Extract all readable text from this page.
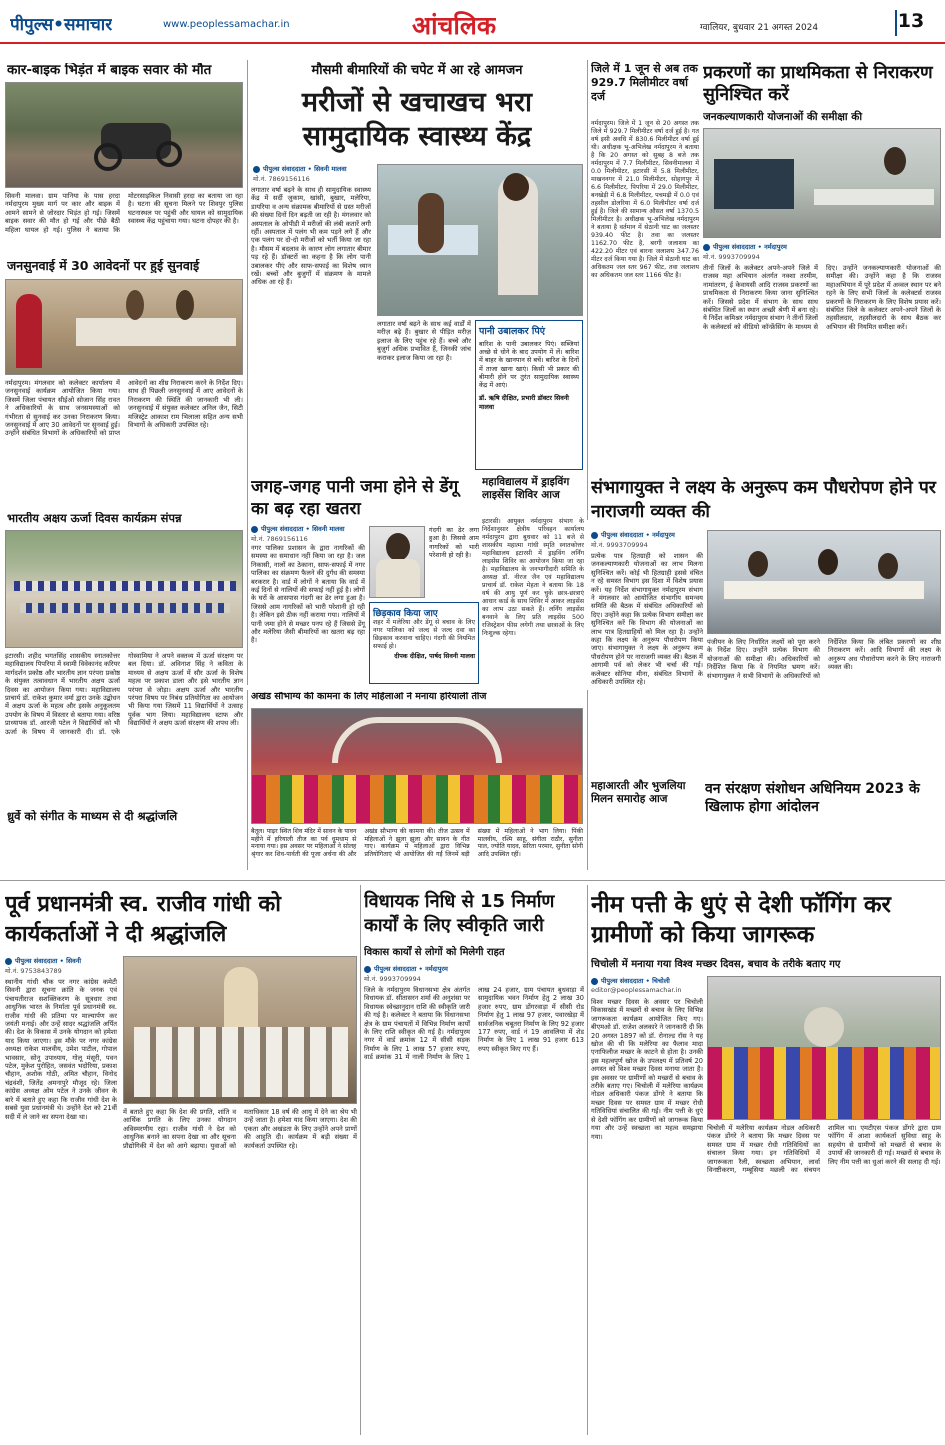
पीपुल्स•समाचार	www.peoplessamachar.in	आंचलिक	ग्वालियर, बुधवार 21 अगस्त 2024	13
कार-बाइक भिड़ंत में बाइक सवार की मौत
सिवनी मालवा। ग्राम पानिया के पास हरदा नर्मदापुरम मुख्य मार्ग पर कार और बाइक में आमने सामने से जोरदार भिड़ंत हो गई। जिसमें बाइक सवार की मौत हो गई और पीछे बैठी महिला घायल हो गई। पुलिस ने बताया कि मोटरसाइकिल निवासी हरदा का बताया जा रहा है। घटना की सूचना मिलने पर शिवपुर पुलिस घटनास्थल पर पहुंची और घायल को सामुदायिक स्वास्थ्य केंद्र पहुंचाया गया। घटना दोपहर की है।
जनसुनवाई में 30 आवेदनों पर हुई सुनवाई
नर्मदापुरम। मंगलवार को कलेक्टर कार्यालय में जनसुनवाई कार्यक्रम आयोजित किया गया। जिसमें जिला पंचायत सीईओ सोजान सिंह रावत ने अधिकारियों के साथ जनसमस्याओं को गंभीरता से सुनवाई कर उनका निराकरण किया। जनसुनवाई में आए 30 आवेदनों पर सुनवाई हुई। उन्होंने संबंधित विभागों के अधिकारियों को प्राप्त आवेदनों का शीघ्र निराकरण करने के निर्देश दिए। साथ ही पिछली जनसुनवाई में आए आवेदनों के निराकरण की स्थिति की जानकारी भी ली। जनसुनवाई में संयुक्त कलेक्टर अनिल जैन, सिटी मजिस्ट्रेट आकाश राम भिलाला सहित अन्य सभी विभागों के अधिकारी उपस्थित रहे।
भारतीय अक्षय ऊर्जा दिवस कार्यक्रम संपन्न
इटारसी। शहीद भगतसिंह शासकीय स्नातकोत्तर महाविद्यालय पिपरिया में स्वामी विवेकानंद करियर मार्गदर्शन प्रकोष्ठ और भारतीय ज्ञान परंपरा प्रकोष्ठ के संयुक्त तत्वावधान में भारतीय अक्षय ऊर्जा दिवस का आयोजन किया गया। महाविद्यालय प्राचार्य डॉ. राकेश कुमार वर्मा द्वारा उनके उद्बोधन में अक्षय ऊर्जा के महत्व और इसके अनुकूलतम उपयोग के विषय में विस्तार से बताया गया। वरिष्ठ प्राध्यापक डॉ. आरजी पटेल ने विद्यार्थियों को भी ऊर्जा के विषय में जानकारी दी। डॉ. एके गोस्वामिया ने अपने वक्तव्य में ऊर्जा संरक्षण पर बल दिया। डॉ. अविनाश सिंह ने कविता के माध्यम से अक्षय ऊर्जा में सौर ऊर्जा के विशेष महत्व पर प्रकाश डाला और इसे भारतीय ज्ञान परंपरा से जोड़ा। अक्षय ऊर्जा और भारतीय परंपरा विषय पर निबंध प्रतियोगिता का आयोजन भी किया गया जिसमें 11 विद्यार्थियों ने उत्साह पूर्वक भाग लिया। महाविद्यालय स्टाफ और विद्यार्थियों ने अक्षय ऊर्जा संरक्षण की शपथ ली।
ध्रुर्वे को संगीत के माध्यम से दी श्रद्धांजलि
मौसमी बीमारियों की चपेट में आ रहे आमजन
मरीजों से खचाखच भरा सामुदायिक स्वास्थ्य केंद्र
पीपुल्स संवाददाता • सिवनी मालवा
मो.नं. 7869156116
लगातार वर्षा बढ़ने के साथ ही सामुदायिक स्वास्थ्य केंद्र में सर्दी जुकाम, खांसी, बुखार, मलेरिया, डायरिया व अन्य संक्रामक बीमारियों से ग्रस्त मरीजों की संख्या दिनों दिन बढ़ती जा रही है। मंगलवार को अस्पताल के ओपीडी में मरीजों की लंबी कतारें लगी रहीं। अस्पताल में पलंग भी कम पड़ने लगे हैं और एक पलंग पर दो-दो मरीजों को भर्ती किया जा रहा है। मौसम में बदलाव के कारण लोग लगातार बीमार पड़ रहे हैं। डॉक्टरों का कहना है कि लोग पानी उबालकर पीएं और साफ-सफाई का विशेष ध्यान रखें। बच्चों और बुजुर्गों में संक्रमण के मामले अधिक आ रहे हैं।
लगातार वर्षा बढ़ने के साथ कई वार्डों में मरीज़ बढ़े हैं। बुखार से पीड़ित मरीज़ इलाज के लिए पहुंच रहे हैं। बच्चे और बुज़ुर्ग अधिक प्रभावित हैं, जिनकी जांच कराकर इलाज किया जा रहा है।
पानी उबालकर पिएं
बारिश के पानी उबालकर पिएं। सब्जियां अच्छे से धोने के बाद उपयोग में लें। बारिश में बाहर के खानपान से बचें। बारिश के दिनों में ताजा खाना खाएं। किसी भी प्रकार की बीमारी होने पर तुरंत सामुदायिक स्वास्थ्य केंद्र में आएं।
डॉ. ऋषि दीक्षित, प्रभारी डॉक्टर सिवनी मालवा
जगह-जगह पानी जमा होने से डेंगू का बढ़ रहा खतरा
पीपुल्स संवाददाता • सिवनी मालवा
मो.नं. 7869156116
नगर पालिका प्रशासन के द्वारा नागरिकों की समस्या का समाधान नहीं किया जा रहा है। जल निकासी, नालों का ठेकाना, साफ-सफाई में नगर पालिका का संक्रमण फैलने की दुर्गंध की समस्या बरकरार है। वार्ड में लोगों ने बताया कि वार्ड में कई दिनों से नालियों की सफाई नहीं हुई है। लोगों के घरों के आसपास गंदगी का ढेर लगा हुआ है। जिससे आम नागरिकों को भारी परेशानी हो रही है। लेकिन इसे ठीक नहीं कराया गया। नालियों में पानी जमा होने से मच्छर पनप रहे हैं जिससे डेंगू और मलेरिया जैसी बीमारियों का खतरा बढ़ रहा है।
गंदगी का ढेर लगा हुआ है। जिससे आम नागरिकों को भारी परेशानी हो रही है।
छिड़काव किया जाए
शहर में मलेरिया और डेंगू से बचाव के लिए नगर पालिका को जल्द से जल्द दवा का छिड़काव करवाना चाहिए। गंदगी की नियमित सफाई हो।
दीपक दीक्षित, पार्षद सिवनी मालवा
महाविद्यालय में ड्राइविंग लाइसेंस शिविर आज
इटारसी। आयुक्त नर्मदापुरम संभाग के निर्देशानुसार क्षेत्रीय परिवहन कार्यालय नर्मदापुरम द्वारा बुधवार को 11 बजे से शासकीय महात्मा गांधी स्मृति स्नातकोत्तर महाविद्यालय इटारसी में ड्राइविंग लर्निंग लाइसेंस शिविर का आयोजन किया जा रहा है। महाविद्यालय के जनभागीदारी समिति के अध्यक्ष डॉ. नीरज जैन एवं महाविद्यालय प्राचार्य डॉ. राकेश मेहता ने बताया कि 18 वर्ष की आयु पूर्ण कर चुके छात्र-छात्राएं आधार कार्ड के साथ शिविर में आकर लाइसेंस का लाभ उठा सकते हैं। लर्निंग लाइसेंस बनवाने के लिए प्रति लाइसेंस 500 रजिस्ट्रेशन फीस लगेगी तथा छात्राओं के लिए निःशुल्क रहेगा।
जिले में 1 जून से अब तक 929.7 मिलीमीटर वर्षा दर्ज
नर्मदापुरम। जिले में 1 जून से 20 अगस्त तक जिले में 929.7 मिलीमीटर वर्षा दर्ज हुई है। गत वर्ष इसी अवधि में 830.6 मिलीमीटर वर्षा हुई थी। अधीक्षक भू-अभिलेख नर्मदापुरम ने बताया है कि 20 अगस्त को सुबह 8 बजे तक नर्मदापुरम में 7.7 मिलीमीटर, सिवनीमालवा में 0.0 मिलीमीटर, इटारसी में 5.8 मिलीमीटर, माखननगर में 21.0 मिलीमीटर, सोहागपुर में 6.6 मिलीमीटर, पिपरिया में 29.0 मिलीमीटर, बनखेड़ी में 6.8 मिलीमीटर, पचमढ़ी में 0.0 एवं तहसील डोलरिया में 6.0 मिलीमीटर वर्षा दर्ज हुई है। जिले की सामान्य औसत वर्षा 1370.5 मिलीमीटर है। अधीक्षक भू-अभिलेख नर्मदापुरम ने बताया है वर्तमान में सेठानी घाट का जलस्तर 939.40 फीट है। तवा का जलस्तर 1162.70 फीट है, बरगी जलाशय का 422.20 मीटर एवं बारना जलाशय 347.76 मीटर दर्ज किया गया है। जिले में सेठानी घाट का अधिकतम जल स्तर 967 फीट, तवा जलाशय का अधिकतम जल स्तर 1166 फीट है।
प्रकरणों का प्राथमिकता से निराकरण सुनिश्चित करें
जनकल्याणकारी योजनाओं की समीक्षा की
पीपुल्स संवाददाता • नर्मदापुरम
मो.नं. 9993709994
तीनों जिलों के कलेक्टर अपने-अपने जिले में राजस्व महा अभियान अंतर्गत नक्शा तरमीम, नामांतरण, ई केवायसी आदि राजस्व प्रकरणों का प्राथमिकता से निराकरण किया जाना सुनिश्चित करें। जिससे प्रदेश में संभाग के साथ साथ संबंधित जिलों का स्थान अच्छी श्रेणी में बना रहे। ये निर्देश कमिश्नर नर्मदापुरम संभाग ने तीनों जिलों के कलेक्टर्स को वीडियो कॉन्फ्रेंसिंग के माध्यम से दिए। उन्होंने जनकल्याणकारी योजनाओं की समीक्षा की। उन्होंने कहा है कि राजस्व महाअभियान में पूरे प्रदेश में अव्वल स्थान पर बने रहने के लिए सभी जिलों के कलेक्टर्स राजस्व प्रकरणों के निराकरण के लिए विशेष प्रयास करें। संबंधित जिले के कलेक्टर अपने-अपने जिलों के तहसीलदार, तहसीलदारों के साथ बैठक कर अभियान की नियमित समीक्षा करें।
संभागायुक्त ने लक्ष्य के अनुरूप कम पौधरोपण होने पर नाराजगी व्यक्त की
पीपुल्स संवाददाता • नर्मदापुरम
मो.नं. 9993709994
प्रत्येक पात्र हितग्राही को शासन की जनकल्याणकारी योजनाओं का लाभ मिलना सुनिश्चित करें। कोई भी हितग्राही इससे वंचित न रहे समस्त विभाग इस दिशा में विशेष प्रयास करें। यह निर्देश संभागायुक्त नर्मदापुरम संभाग ने मंगलवार को आयोजित संभागीय समन्वय समिति की बैठक में संबंधित अधिकारियों को दिए। उन्होंने कहा कि प्रत्येक विभाग समीक्षा कर सुनिश्चित करें कि विभाग की योजनाओं का लाभ पात्र हितग्राहियों को मिल रहा है। उन्होंने कहा कि लक्ष्य के अनुरूप पौधरोपण किया जाए। संभागायुक्त ने लक्ष्य के अनुरूप कम पौधरोपण होने पर नाराजगी व्यक्त की। बैठक में आगामी पर्व को लेकर भी चर्चा की गई। कलेक्टर सोनिया मीना, संबंधित विभागों के अधिकारी उपस्थित रहे।
पंजीयन के लिए निर्धारित लक्ष्यों को पूरा करने के निर्देश दिए। उन्होंने प्रत्येक विभाग की योजनाओं की समीक्षा की। अधिकारियों को निर्देशित किया कि वे नियमित भ्रमण करें। संभागायुक्त ने सभी विभागों के अधिकारियों को निर्देशित किया कि लंबित प्रकरणों का शीघ्र निराकरण करें। आदि विभागों की लक्ष्य के अनुरूप अध पौधारोपण करने के लिए नाराजगी व्यक्त की।
महाआरती और भुजलिया मिलन समारोह आज
वन संरक्षण संशोधन अधिनियम 2023 के खिलाफ होगा आंदोलन
अखंड सौभाग्य की कामना के लिए महिलाओं ने मनाया हरियाली तीज
बैतूल। पाढ़र स्थित शिव मंदिर में सावन के पावन महीने में हरियाली तीज का पर्व धूमधाम से मनाया गया। इस अवसर पर महिलाओं ने सोलह श्रृंगार कर शिव-पार्वती की पूजा अर्चना की और अखंड सौभाग्य की कामना की। तीज उत्सव में महिलाओं ने झूला झूला और सावन के गीत गाए। कार्यक्रम में महिलाओं द्वारा विभिन्न प्रतियोगिताएं भी आयोजित की गईं जिनमें बड़ी संख्या में महिलाओं ने भाग लिया। पिंकी मालवीय, रश्मि साहू, संगीता राठौर, सुनीता पाल, ज्योति यादव, सरिता परमार, सुनीता सोनी आदि उपस्थित रहीं।
पूर्व प्रधानमंत्री स्व. राजीव गांधी को कार्यकर्ताओं ने दी श्रद्धांजलि
पीपुल्स संवाददाता • सिवनी
मो.नं. 9753843789
स्थानीय गांधी चौक पर नगर कांग्रेस कमेटी सिवनी द्वारा सूचना क्रांति के जनक एवं पंचायतीराज सशक्तिकरण के सूत्रधार तथा आधुनिक भारत के निर्माता पूर्व प्रधानमंत्री स्व. राजीव गांधी की प्रतिमा पर माल्यार्पण कर जयंती मनाई। और उन्हें सादर श्रद्धांजलि अर्पित की। देश के विकास में उनके योगदान को हमेशा याद किया जाएगा। इस मौके पर नगर कांग्रेस अध्यक्ष राकेश मालवीय, उमेश पाटील, गोपाल भावसार, सोनू उपाध्याय, गोलू मंसूरी, पवन पटेल, मुकेश पुरोहित, जसवंत भदोरिया, प्रकाश चौहान, अशोक गोठी, अमित चौहान, विनोद चंद्रवंशी, जितेंद्र अमनापुरे मौजूद रहे। जिला कांग्रेस अध्यक्ष ओम पटेल ने उनके जीवन के बारे में बताते हुए कहा कि राजीव गांधी देश के सबसे युवा प्रधानमंत्री थे। उन्होंने देश को 21वीं सदी में ले जाने का सपना देखा था।
में बताते हुए कहा कि देश की प्रगति, शांति व आर्थिक प्रगति के लिए उनका योगदान अविस्मरणीय रहा। राजीव गांधी ने देश को आधुनिक बनाने का सपना देखा था और सूचना प्रौद्योगिकी में देश को आगे बढ़ाया। युवाओं को मताधिकार 18 वर्ष की आयु में देने का श्रेय भी उन्हें जाता है। हमेशा याद किया जाएगा। देश की एकता और अखंडता के लिए उन्होंने अपने प्राणों की आहुति दी। कार्यक्रम में बड़ी संख्या में कार्यकर्ता उपस्थित रहे।
विधायक निधि से 15 निर्माण कार्यों के लिए स्वीकृति जारी
विकास कार्यों से लोगों को मिलेगी राहत
पीपुल्स संवाददाता • नर्मदापुरम
मो.नं. 9993709994
जिले के नर्मदापुरम विधानसभा क्षेत्र अंतर्गत विधायक डॉ. सीतासरन शर्मा की अनुशंसा पर विधायक स्वेच्छानुदान राशि की स्वीकृति जारी की गई है। कलेक्टर ने बताया कि विधानसभा क्षेत्र के ग्राम पंचायतों में विभिन्न निर्माण कार्यों के लिए राशि स्वीकृत की गई है। नर्मदापुरम नगर में वार्ड क्रमांक 12 में सीसी सड़क निर्माण के लिए 1 लाख 57 हजार रुपए, वार्ड क्रमांक 31 में नाली निर्माण के लिए 1 लाख 24 हजार, ग्राम पंचायत बुधवाड़ा में सामुदायिक भवन निर्माण हेतु 2 लाख 30 हजार रुपए, ग्राम डोंगरवाड़ा में सीसी रोड निर्माण हेतु 1 लाख 97 हजार, पवारखेड़ा में सार्वजनिक चबूतरा निर्माण के लिए 92 हजार 177 रुपए, वार्ड नं 19 आवलिया में शेड निर्माण के लिए 1 लाख 91 हजार 613 रुपए स्वीकृत किए गए हैं।
नीम पत्ती के धुएं से देशी फॉगिंग कर ग्रामीणों को किया जागरूक
चिचोली में मनाया गया विश्व मच्छर दिवस, बचाव के तरीके बताए गए
पीपुल्स संवाददाता • चिचोली
editor@peoplessamachar.in
विश्व मच्छर दिवस के अवसर पर चिचोली विकासखंड में मच्छरों से बचाव के लिए विभिन्न जागरूकता कार्यक्रम आयोजित किए गए। बीएमओ डॉ. राजेश अलकारे ने जानकारी दी कि 20 अगस्त 1897 को डॉ. रोनाल्ड रॉस ने यह खोज की थी कि मलेरिया का फैलाव मादा एनाफिलीज मच्छर के काटने से होता है। उनकी इस महत्वपूर्ण खोज के उपलक्ष्य में प्रतिवर्ष 20 अगस्त को विश्व मच्छर दिवस मनाया जाता है। इस अवसर पर ग्रामीणों को मच्छरों से बचाव के तरीके बताए गए। चिचोली में मलेरिया कार्यक्रम नोडल अधिकारी पंकज डोंगरे ने बताया कि मच्छर दिवस पर समस्त ग्राम में मच्छर रोधी गतिविधियां संचालित की गईं। नीम पत्ती के धुएं से देशी फॉगिंग कर ग्रामीणों को जागरूक किया गया और उन्हें स्वच्छता का महत्व समझाया गया।
चिचोली में मलेरिया कार्यक्रम नोडल अधिकारी पंकज डोंगरे ने बताया कि मच्छर दिवस पर समस्त ग्राम में मच्छर रोधी गतिविधियों का संचालन किया गया। इन गतिविधियों में जागरूकता रैली, स्वच्छता अभियान, लार्वा विनष्टीकरण, गम्बूसिया मछली का संचयन शामिल था। एमटीएस पंकज डोंगरे द्वारा ग्राम फॉगिंग में आशा कार्यकर्ता सुविधा साहू के सहयोग से ग्रामीणों को मच्छरों से बचाव के उपायों की जानकारी दी गई। मच्छरों से बचाव के लिए नीम पत्ती का धुआं करने की सलाह दी गई।
